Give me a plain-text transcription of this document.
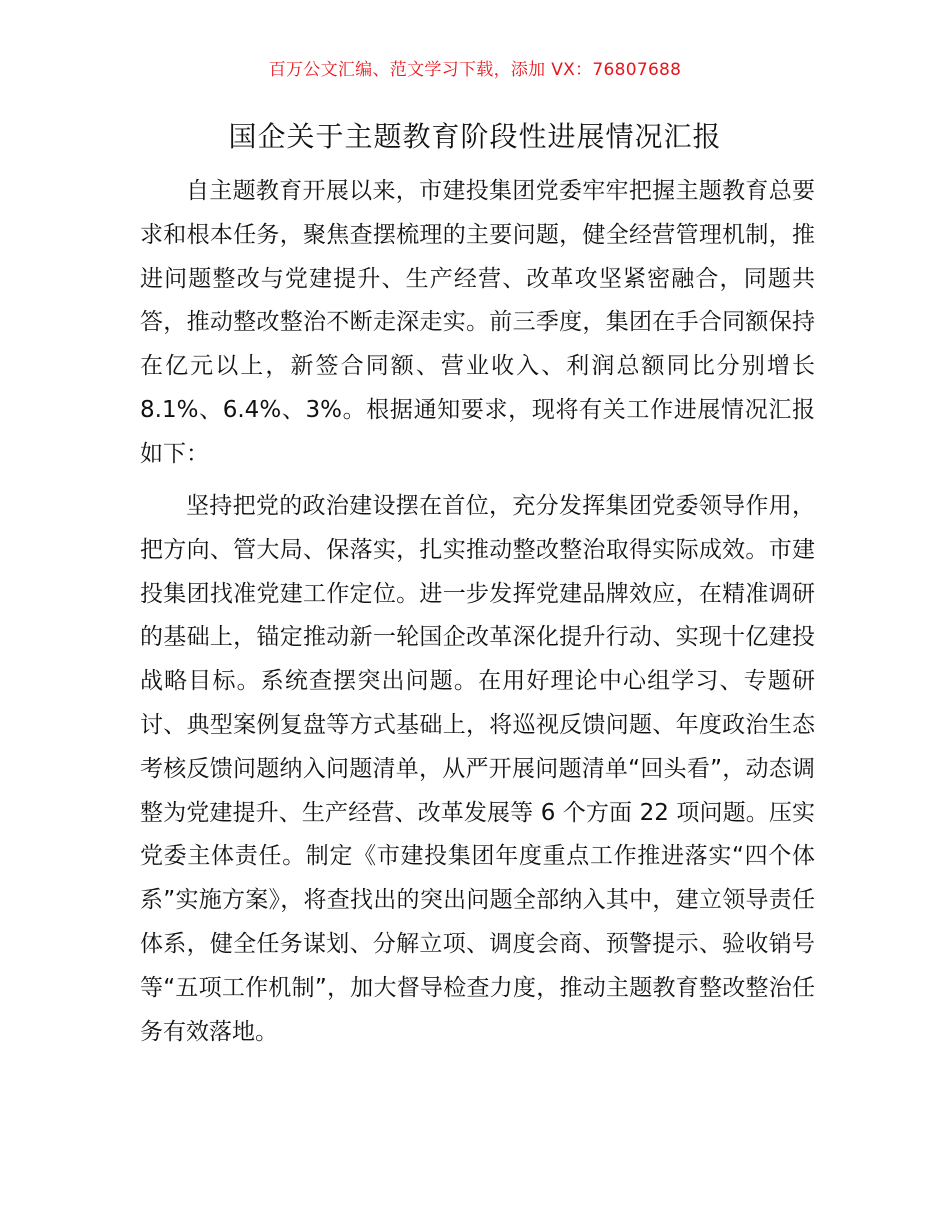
百万公文汇编、范文学习下载，添加 VX：76807688
国企关于主题教育阶段性进展情况汇报

自主题教育开展以来，市建投集团党委牢牢把握主题教育总要求和根本任务，聚焦查摆梳理的主要问题，健全经营管理机制，推进问题整改与党建提升、生产经营、改革攻坚紧密融合，同题共答，推动整改整治不断走深走实。前三季度，集团在手合同额保持在亿元以上，新签合同额、营业收入、利润总额同比分别增长 8.1%、6.4%、3%。根据通知要求，现将有关工作进展情况汇报如下：

坚持把党的政治建设摆在首位，充分发挥集团党委领导作用，把方向、管大局、保落实，扎实推动整改整治取得实际成效。市建投集团找准党建工作定位。进一步发挥党建品牌效应，在精准调研的基础上，锚定推动新一轮国企改革深化提升行动、实现十亿建投战略目标。系统查摆突出问题。在用好理论中心组学习、专题研讨、典型案例复盘等方式基础上，将巡视反馈问题、年度政治生态考核反馈问题纳入问题清单，从严开展问题清单“回头看”，动态调整为党建提升、生产经营、改革发展等 6 个方面 22 项问题。压实党委主体责任。制定《市建投集团年度重点工作推进落实“四个体系”实施方案》，将查找出的突出问题全部纳入其中，建立领导责任体系，健全任务谋划、分解立项、调度会商、预警提示、验收销号等“五项工作机制”，加大督导检查力度，推动主题教育整改整治任务有效落地。
